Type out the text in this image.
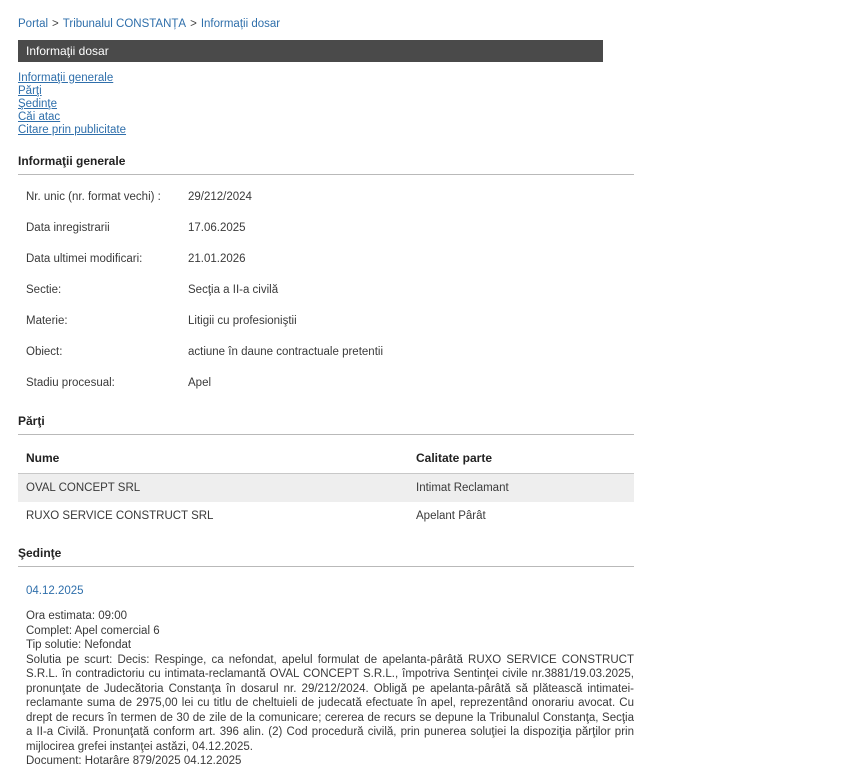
Portal > Tribunalul CONSTANȚA > Informații dosar
Informaţii dosar
Informaţii generale
Părţi
Şedinţe
Căi atac
Citare prin publicitate
Informaţii generale
Nr. unic (nr. format vechi) :	29/212/2024
Data inregistrarii	17.06.2025
Data ultimei modificari:	21.01.2026
Sectie:	Secţia a II-a civilă
Materie:	Litigii cu profesioniştii
Obiect:	actiune în daune contractuale pretentii
Stadiu procesual:	Apel
Părţi
Nume	Calitate parte
OVAL CONCEPT SRL	Intimat Reclamant
RUXO SERVICE CONSTRUCT SRL	Apelant Pârât
Şedinţe
04.12.2025
Ora estimata: 09:00
Complet: Apel comercial 6
Tip solutie: Nefondat
Solutia pe scurt: Decis: Respinge, ca nefondat, apelul formulat de apelanta-pârâtă RUXO SERVICE CONSTRUCT S.R.L. în contradictoriu cu intimata-reclamantă OVAL CONCEPT S.R.L., împotriva Sentinţei civile nr.3881/19.03.2025, pronunţate de Judecătoria Constanţa în dosarul nr. 29/212/2024. Obligă pe apelanta-pârâtă să plătească intimatei-reclamante suma de 2975,00 lei cu titlu de cheltuieli de judecată efectuate în apel, reprezentând onorariu avocat. Cu drept de recurs în termen de 30 de zile de la comunicare; cererea de recurs se depune la Tribunalul Constanţa, Secţia a II-a Civilă. Pronunţată conform art. 396 alin. (2) Cod procedură civilă, prin punerea soluţiei la dispoziţia părţilor prin mijlocirea grefei instanţei astăzi, 04.12.2025.
Document: Hotarâre 879/2025 04.12.2025
